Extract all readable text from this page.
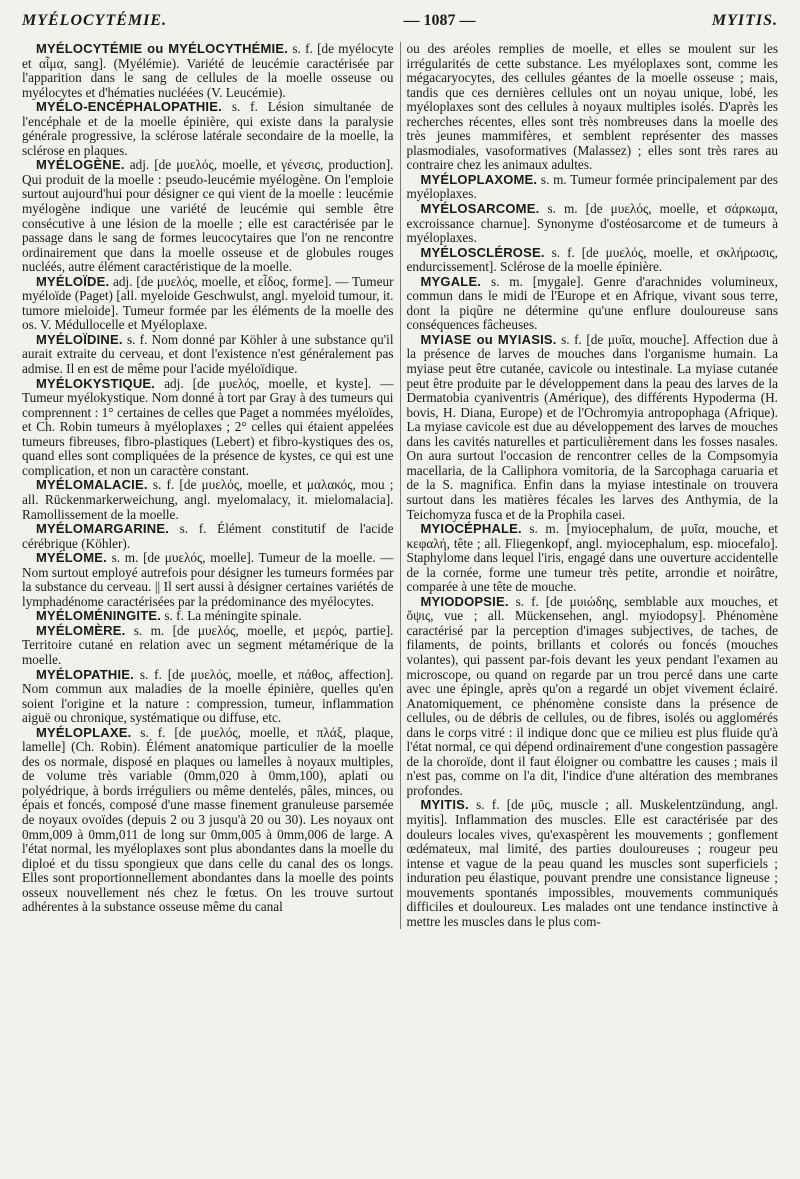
MYÉLOCYTÉMIE.	— 1087 —	MYITIS.

MYÉLOCYTÉMIE ou MYÉLOCYTHÉMIE. s. f. [de myélocyte et αἷμα, sang]. (Myélémie). Variété de leucémie caractérisée par l'apparition dans le sang de cellules de la moelle osseuse ou myélocytes et d'hématies nucléées (V. Leucémie).

MYÉLO-ENCÉPHALOPATHIE. s. f. Lésion simultanée de l'encéphale et de la moelle épinière, qui existe dans la paralysie générale progressive, la sclérose latérale secondaire de la moelle, la sclérose en plaques.

MYÉLOGÈNE. adj. [de μυελός, moelle, et γένεσις, production]. Qui produit de la moelle : pseudo-leucémie myélogène. On l'emploie surtout aujourd'hui pour désigner ce qui vient de la moelle : leucémie myélogène indique une variété de leucémie qui semble être consécutive à une lésion de la moelle ; elle est caractérisée par le passage dans le sang de formes leucocytaires que l'on ne rencontre ordinairement que dans la moelle osseuse et de globules rouges nucléés, autre élément caractéristique de la moelle.

MYÉLOÏDE. adj. [de μυελός, moelle, et εἶδος, forme]. — Tumeur myéloïde (Paget) [all. myeloide Geschwulst, angl. myeloid tumour, it. tumore mieloide]. Tumeur formée par les éléments de la moelle des os. V. Médullocelle et Myéloplaxe.

MYÉLOÏDINE. s. f. Nom donné par Köhler à une substance qu'il aurait extraite du cerveau, et dont l'existence n'est généralement pas admise. Il en est de même pour l'acide myéloïdique.

MYÉLOKYSTIQUE. adj. [de μυελός, moelle, et kyste]. — Tumeur myélokystique. Nom donné à tort par Gray à des tumeurs qui comprennent : 1° certaines de celles que Paget a nommées myéloïdes, et Ch. Robin tumeurs à myéloplaxes ; 2° celles qui étaient appelées tumeurs fibreuses, fibro-plastiques (Lebert) et fibro-kystiques des os, quand elles sont compliquées de la présence de kystes, ce qui est une complication, et non un caractère constant.

MYÉLOMALACIE. s. f. [de μυελός, moelle, et μαλακός, mou ; all. Rückenmarkerweichung, angl. myelomalacy, it. mielomalacia]. Ramollissement de la moelle.

MYÉLOMARGARINE. s. f. Élément constitutif de l'acide cérébrique (Köhler).

MYÉLOME. s. m. [de μυελός, moelle]. Tumeur de la moelle. — Nom surtout employé autrefois pour désigner les tumeurs formées par la substance du cerveau. || Il sert aussi à désigner certaines variétés de lymphadénome caractérisées par la prédominance des myélocytes.

MYÉLOMÉNINGITE. s. f. La méningite spinale.

MYÉLOMÈRE. s. m. [de μυελός, moelle, et μερός, partie]. Territoire cutané en relation avec un segment métamérique de la moelle.

MYÉLOPATHIE. s. f. [de μυελός, moelle, et πάθος, affection]. Nom commun aux maladies de la moelle épinière, quelles qu'en soient l'origine et la nature : compression, tumeur, inflammation aiguë ou chronique, systématique ou diffuse, etc.

MYÉLOPLAXE. s. f. [de μυελός, moelle, et πλάξ, plaque, lamelle] (Ch. Robin). Élément anatomique particulier de la moelle des os normale, disposé en plaques ou lamelles à noyaux multiples, de volume très variable (0mm,020 à 0mm,100), aplati ou polyédrique, à bords irréguliers ou même dentelés, pâles, minces, ou épais et foncés, composé d'une masse finement granuleuse parsemée de noyaux ovoïdes (depuis 2 ou 3 jusqu'à 20 ou 30). Les noyaux ont 0mm,009 à 0mm,011 de long sur 0mm,005 à 0mm,006 de large. A l'état normal, les myéloplaxes sont plus abondantes dans la moelle du diploé et du tissu spongieux que dans celle du canal des os longs. Elles sont proportionnellement abondantes dans la moelle des points osseux nouvellement nés chez le fœtus. On les trouve surtout adhérentes à la substance osseuse même du canal

ou des aréoles remplies de moelle, et elles se moulent sur les irrégularités de cette substance. Les myéloplaxes sont, comme les mégacaryocytes, des cellules géantes de la moelle osseuse ; mais, tandis que ces dernières cellules ont un noyau unique, lobé, les myéloplaxes sont des cellules à noyaux multiples isolés. D'après les recherches récentes, elles sont très nombreuses dans la moelle des très jeunes mammifères, et semblent représenter des masses plasmodiales, vasoformatives (Malassez) ; elles sont très rares au contraire chez les animaux adultes.

MYÉLOPLAXOME. s. m. Tumeur formée principalement par des myéloplaxes.

MYÉLOSARCOME. s. m. [de μυελός, moelle, et σάρκωμα, excroissance charnue]. Synonyme d'ostéosarcome et de tumeurs à myéloplaxes.

MYÉLOSCLÉROSE. s. f. [de μυελός, moelle, et σκλήρωσις, endurcissement]. Sclérose de la moelle épinière.

MYGALE. s. m. [mygale]. Genre d'arachnides volumineux, commun dans le midi de l'Europe et en Afrique, vivant sous terre, dont la piqûre ne détermine qu'une enflure douloureuse sans conséquences fâcheuses.

MYIASE ou MYIASIS. s. f. [de μυῖα, mouche]. Affection due à la présence de larves de mouches dans l'organisme humain. La myiase peut être cutanée, cavicole ou intestinale. La myiase cutanée peut être produite par le développement dans la peau des larves de la Dermatobia cyaniventris (Amérique), des différents Hypoderma (H. bovis, H. Diana, Europe) et de l'Ochromyia antropophaga (Afrique). La myiase cavicole est due au développement des larves de mouches dans les cavités naturelles et particulièrement dans les fosses nasales. On aura surtout l'occasion de rencontrer celles de la Compsomyia macellaria, de la Calliphora vomitoria, de la Sarcophaga caruaria et de la S. magnifica. Enfin dans la myiase intestinale on trouvera surtout dans les matières fécales les larves des Anthymia, de la Teichomyza fusca et de la Prophila casei.

MYIOCÉPHALE. s. m. [myiocephalum, de μυῖα, mouche, et κεφαλή, tête ; all. Fliegenkopf, angl. myiocephalum, esp. miocefalo]. Staphylome dans lequel l'iris, engagé dans une ouverture accidentelle de la cornée, forme une tumeur très petite, arrondie et noirâtre, comparée à une tête de mouche.

MYIODOPSIE. s. f. [de μυιώδης, semblable aux mouches, et ὄψις, vue ; all. Mückensehen, angl. myiodopsy]. Phénomène caractérisé par la perception d'images subjectives, de taches, de filaments, de points, brillants et colorés ou foncés (mouches volantes), qui passent par-fois devant les yeux pendant l'examen au microscope, ou quand on regarde par un trou percé dans une carte avec une épingle, après qu'on a regardé un objet vivement éclairé. Anatomiquement, ce phénomène consiste dans la présence de cellules, ou de débris de cellules, ou de fibres, isolés ou agglomérés dans le corps vitré : il indique donc que ce milieu est plus fluide qu'à l'état normal, ce qui dépend ordinairement d'une congestion passagère de la choroïde, dont il faut éloigner ou combattre les causes ; mais il n'est pas, comme on l'a dit, l'indice d'une altération des membranes profondes.

MYITIS. s. f. [de μῦς, muscle ; all. Muskelentzündung, angl. myitis]. Inflammation des muscles. Elle est caractérisée par des douleurs locales vives, qu'exaspèrent les mouvements ; gonflement œdémateux, mal limité, des parties douloureuses ; rougeur peu intense et vague de la peau quand les muscles sont superficiels ; induration peu élastique, pouvant prendre une consistance ligneuse ; mouvements spontanés impossibles, mouvements communiqués difficiles et douloureux. Les malades ont une tendance instinctive à mettre les muscles dans le plus com-
